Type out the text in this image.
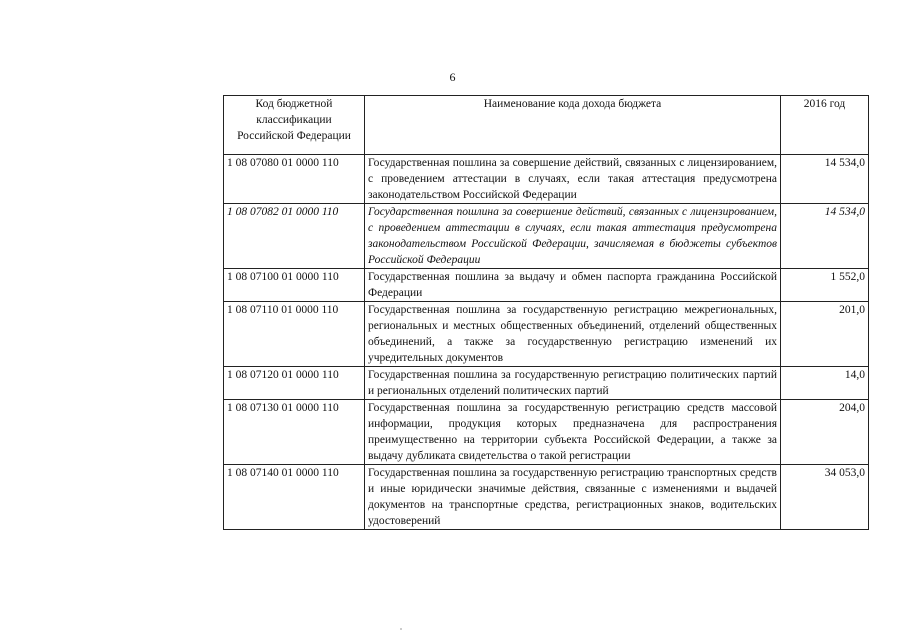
6
Код бюджетной классификации Российской Федерации	Наименование кода дохода бюджета	2016 год
1 08 07080 01 0000 110	Государственная пошлина за совершение действий, связанных с лицензированием, с проведением аттестации в случаях, если такая аттестация предусмотрена законодательством Российской Федерации	14 534,0
1 08 07082 01 0000 110	Государственная пошлина за совершение действий, связанных с лицензированием, с проведением аттестации в случаях, если такая аттестация предусмотрена законодательством Российской Федерации, зачисляемая в бюджеты субъектов Российской Федерации	14 534,0
1 08 07100 01 0000 110	Государственная пошлина за выдачу и обмен паспорта гражданина Российской Федерации	1 552,0
1 08 07110 01 0000 110	Государственная пошлина за государственную регистрацию межрегиональных, региональных и местных общественных объединений, отделений общественных объединений, а также за государственную регистрацию изменений их учредительных документов	201,0
1 08 07120 01 0000 110	Государственная пошлина за государственную регистрацию политических партий и региональных отделений политических партий	14,0
1 08 07130 01 0000 110	Государственная пошлина за государственную регистрацию средств массовой информации, продукция которых предназначена для распространения преимущественно на территории субъекта Российской Федерации, а также за выдачу дубликата свидетельства о такой регистрации	204,0
1 08 07140 01 0000 110	Государственная пошлина за государственную регистрацию транспортных средств и иные юридически значимые действия, связанные с изменениями и выдачей документов на транспортные средства, регистрационных знаков, водительских удостоверений	34 053,0
